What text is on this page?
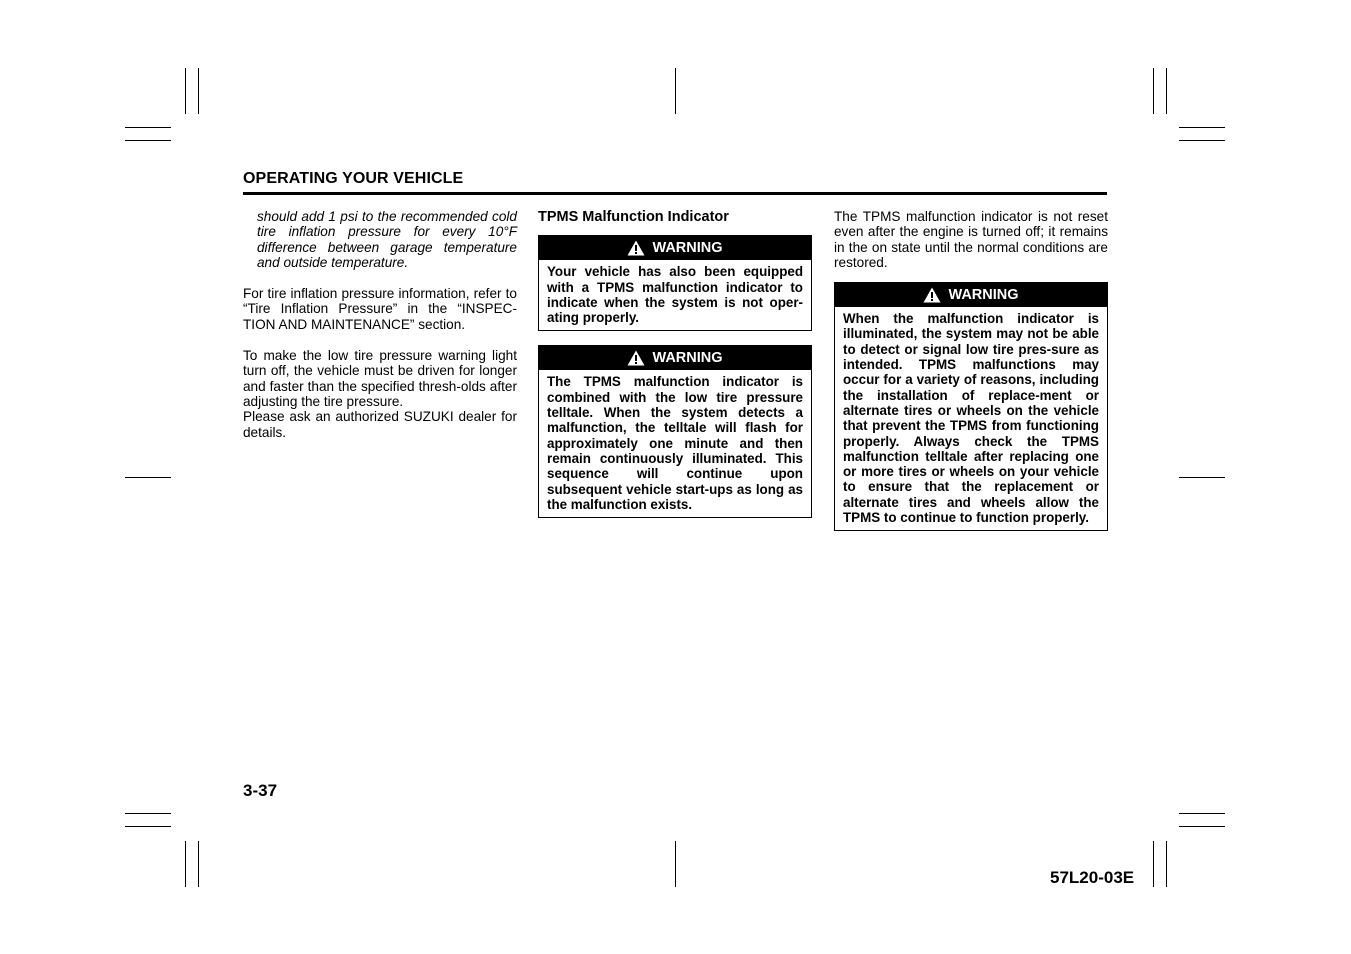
OPERATING YOUR VEHICLE
should add 1 psi to the recommended cold tire inflation pressure for every 10°F difference between garage temperature and outside temperature.

For tire inflation pressure information, refer to “Tire Inflation Pressure” in the “INSPEC-TION AND MAINTENANCE” section.

To make the low tire pressure warning light turn off, the vehicle must be driven for longer and faster than the specified thresh-olds after adjusting the tire pressure.

Please ask an authorized SUZUKI dealer for details.

TPMS Malfunction Indicator
WARNING
Your vehicle has also been equipped with a TPMS malfunction indicator to indicate when the system is not oper-ating properly.
WARNING
The TPMS malfunction indicator is combined with the low tire pressure telltale. When the system detects a malfunction, the telltale will flash for approximately one minute and then remain continuously illuminated. This sequence will continue upon subsequent vehicle start-ups as long as the malfunction exists.

The TPMS malfunction indicator is not reset even after the engine is turned off; it remains in the on state until the normal conditions are restored.

WARNING
When the malfunction indicator is illuminated, the system may not be able to detect or signal low tire pres-sure as intended. TPMS malfunctions may occur for a variety of reasons, including the installation of replace-ment or alternate tires or wheels on the vehicle that prevent the TPMS from functioning properly. Always check the TPMS malfunction telltale after replacing one or more tires or wheels on your vehicle to ensure that the replacement or alternate tires and wheels allow the TPMS to continue to function properly.
3-37
57L20-03E
